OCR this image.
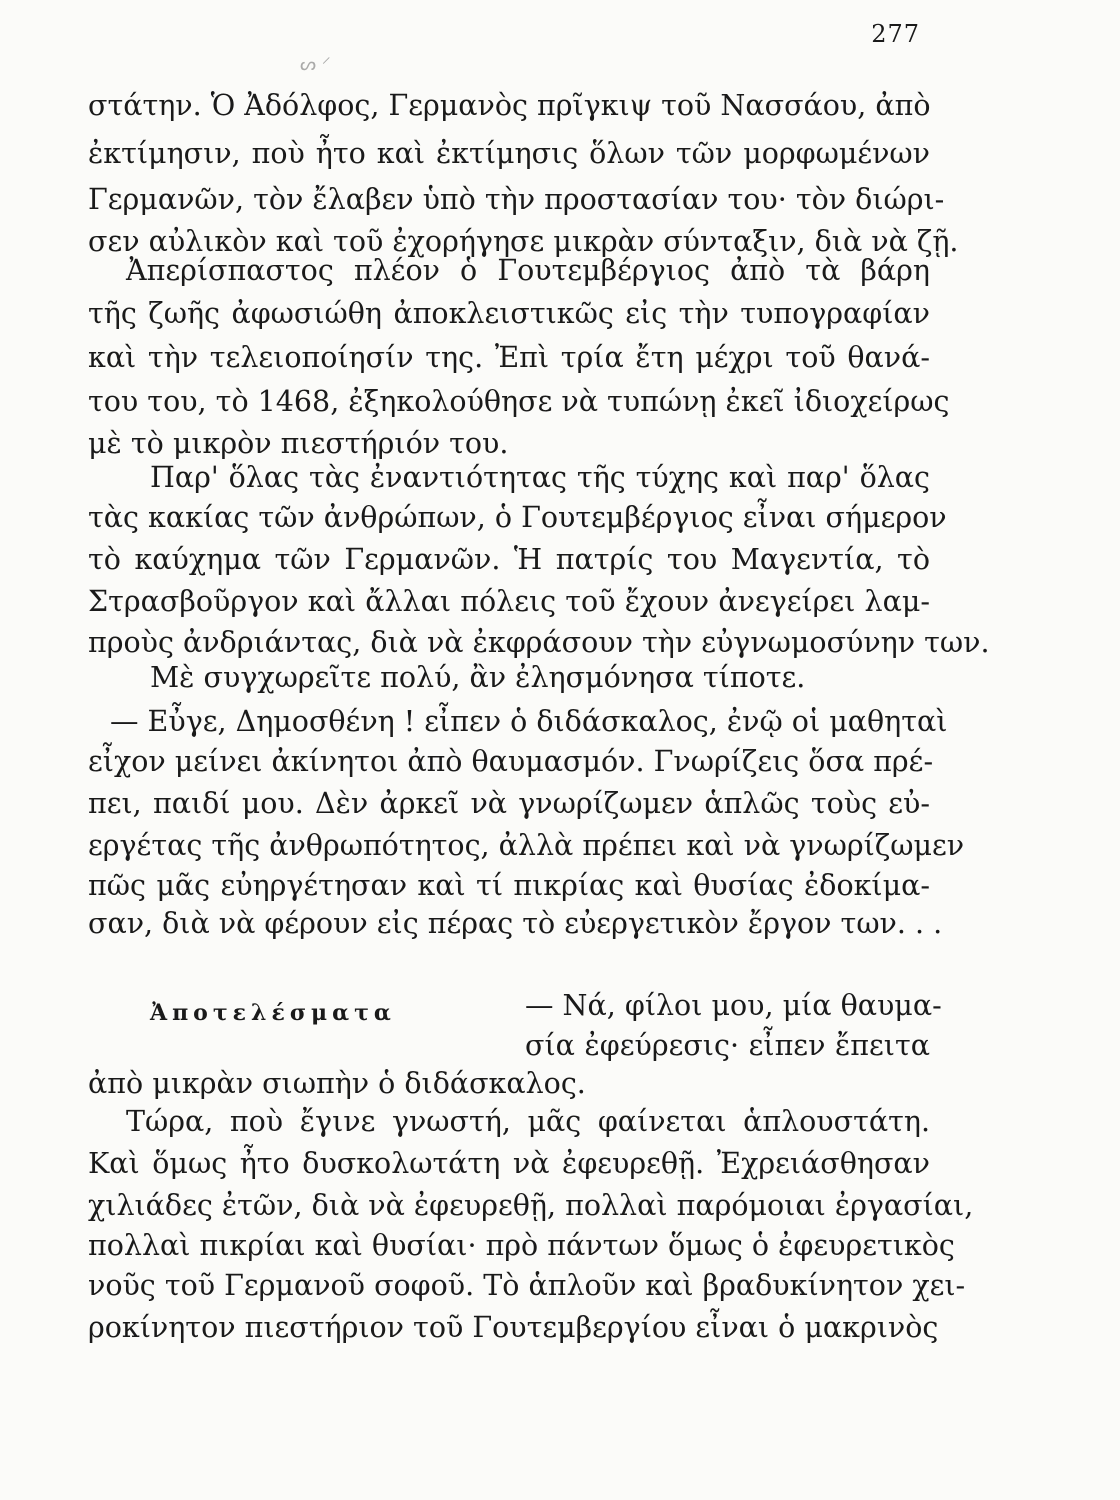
277
ᔕ ⸍
στάτην. Ὁ Ἀδόλφος, Γερμανὸς πρῖγκιψ τοῦ Νασσάου, ἀπὸ
ἐκτίμησιν, ποὺ ἦτο καὶ ἐκτίμησις ὅλων τῶν μορφωμένων
Γερμανῶν, τὸν ἔλαβεν ὑπὸ τὴν προστασίαν του· τὸν διώρι-
σεν αὐλικὸν καὶ τοῦ ἐχορήγησε μικρὰν σύνταξιν, διὰ νὰ ζῇ.
Ἀπερίσπαστος πλέον ὁ Γουτεμβέργιος ἀπὸ τὰ βάρη
τῆς ζωῆς ἀφωσιώθη ἀποκλειστικῶς εἰς τὴν τυπογραφίαν
καὶ τὴν τελειοποίησίν της. Ἐπὶ τρία ἔτη μέχρι τοῦ θανά-
του του, τὸ 1468, ἐξηκολούθησε νὰ τυπώνῃ ἐκεῖ ἰδιοχείρως
μὲ τὸ μικρὸν πιεστήριόν του.
Παρ' ὅλας τὰς ἐναντιότητας τῆς τύχης καὶ παρ' ὅλας
τὰς κακίας τῶν ἀνθρώπων, ὁ Γουτεμβέργιος εἶναι σήμερον
τὸ καύχημα τῶν Γερμανῶν. Ἡ πατρίς του Μαγεντία, τὸ
Στρασβοῦργον καὶ ἄλλαι πόλεις τοῦ ἔχουν ἀνεγείρει λαμ-
προὺς ἀνδριάντας, διὰ νὰ ἐκφράσουν τὴν εὐγνωμοσύνην των.
Μὲ συγχωρεῖτε πολύ, ἂν ἐλησμόνησα τίποτε.
— Εὖγε, Δημοσθένη ! εἶπεν ὁ διδάσκαλος, ἐνῷ οἱ μαθηταὶ
εἶχον μείνει ἀκίνητοι ἀπὸ θαυμασμόν. Γνωρίζεις ὅσα πρέ-
πει, παιδί μου. Δὲν ἀρκεῖ νὰ γνωρίζωμεν ἁπλῶς τοὺς εὐ-
εργέτας τῆς ἀνθρωπότητος, ἀλλὰ πρέπει καὶ νὰ γνωρίζωμεν
πῶς μᾶς εὐηργέτησαν καὶ τί πικρίας καὶ θυσίας ἐδοκίμα-
σαν, διὰ νὰ φέρουν εἰς πέρας τὸ εὐεργετικὸν ἔργον των. . .
Ἀποτελέσματα	— Νά, φίλοι μου, μία θαυμα-
σία ἐφεύρεσις· εἶπεν ἔπειτα
ἀπὸ μικρὰν σιωπὴν ὁ διδάσκαλος.
Τώρα, ποὺ ἔγινε γνωστή, μᾶς φαίνεται ἁπλουστάτη.
Καὶ ὅμως ἦτο δυσκολωτάτη νὰ ἐφευρεθῇ. Ἐχρειάσθησαν
χιλιάδες ἐτῶν, διὰ νὰ ἐφευρεθῇ, πολλαὶ παρόμοιαι ἐργασίαι,
πολλαὶ πικρίαι καὶ θυσίαι· πρὸ πάντων ὅμως ὁ ἐφευρετικὸς
νοῦς τοῦ Γερμανοῦ σοφοῦ. Τὸ ἁπλοῦν καὶ βραδυκίνητον χει-
ροκίνητον πιεστήριον τοῦ Γουτεμβεργίου εἶναι ὁ μακρινὸς
